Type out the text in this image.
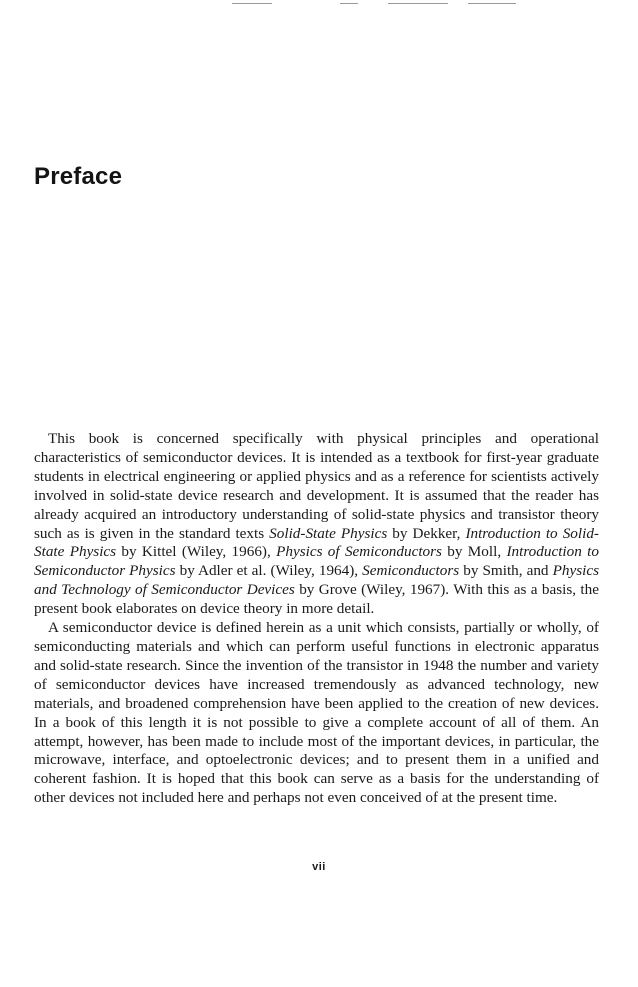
Preface

This book is concerned specifically with physical principles and operational characteristics of semiconductor devices. It is intended as a textbook for first-year graduate students in electrical engineering or applied physics and as a reference for scientists actively involved in solid-state device research and development. It is assumed that the reader has already acquired an introductory understanding of solid-state physics and transistor theory such as is given in the standard texts Solid-State Physics by Dekker, Introduction to Solid-State Physics by Kittel (Wiley, 1966), Physics of Semiconductors by Moll, Introduction to Semiconductor Physics by Adler et al. (Wiley, 1964), Semiconductors by Smith, and Physics and Technology of Semiconductor Devices by Grove (Wiley, 1967). With this as a basis, the present book elaborates on device theory in more detail.

A semiconductor device is defined herein as a unit which consists, partially or wholly, of semiconducting materials and which can perform useful functions in electronic apparatus and solid-state research. Since the invention of the transistor in 1948 the number and variety of semiconductor devices have increased tremendously as advanced technology, new materials, and broadened comprehension have been applied to the creation of new devices. In a book of this length it is not possible to give a complete account of all of them. An attempt, however, has been made to include most of the important devices, in particular, the microwave, interface, and optoelectronic devices; and to present them in a unified and coherent fashion. It is hoped that this book can serve as a basis for the understanding of other devices not included here and perhaps not even conceived of at the present time.

vii
